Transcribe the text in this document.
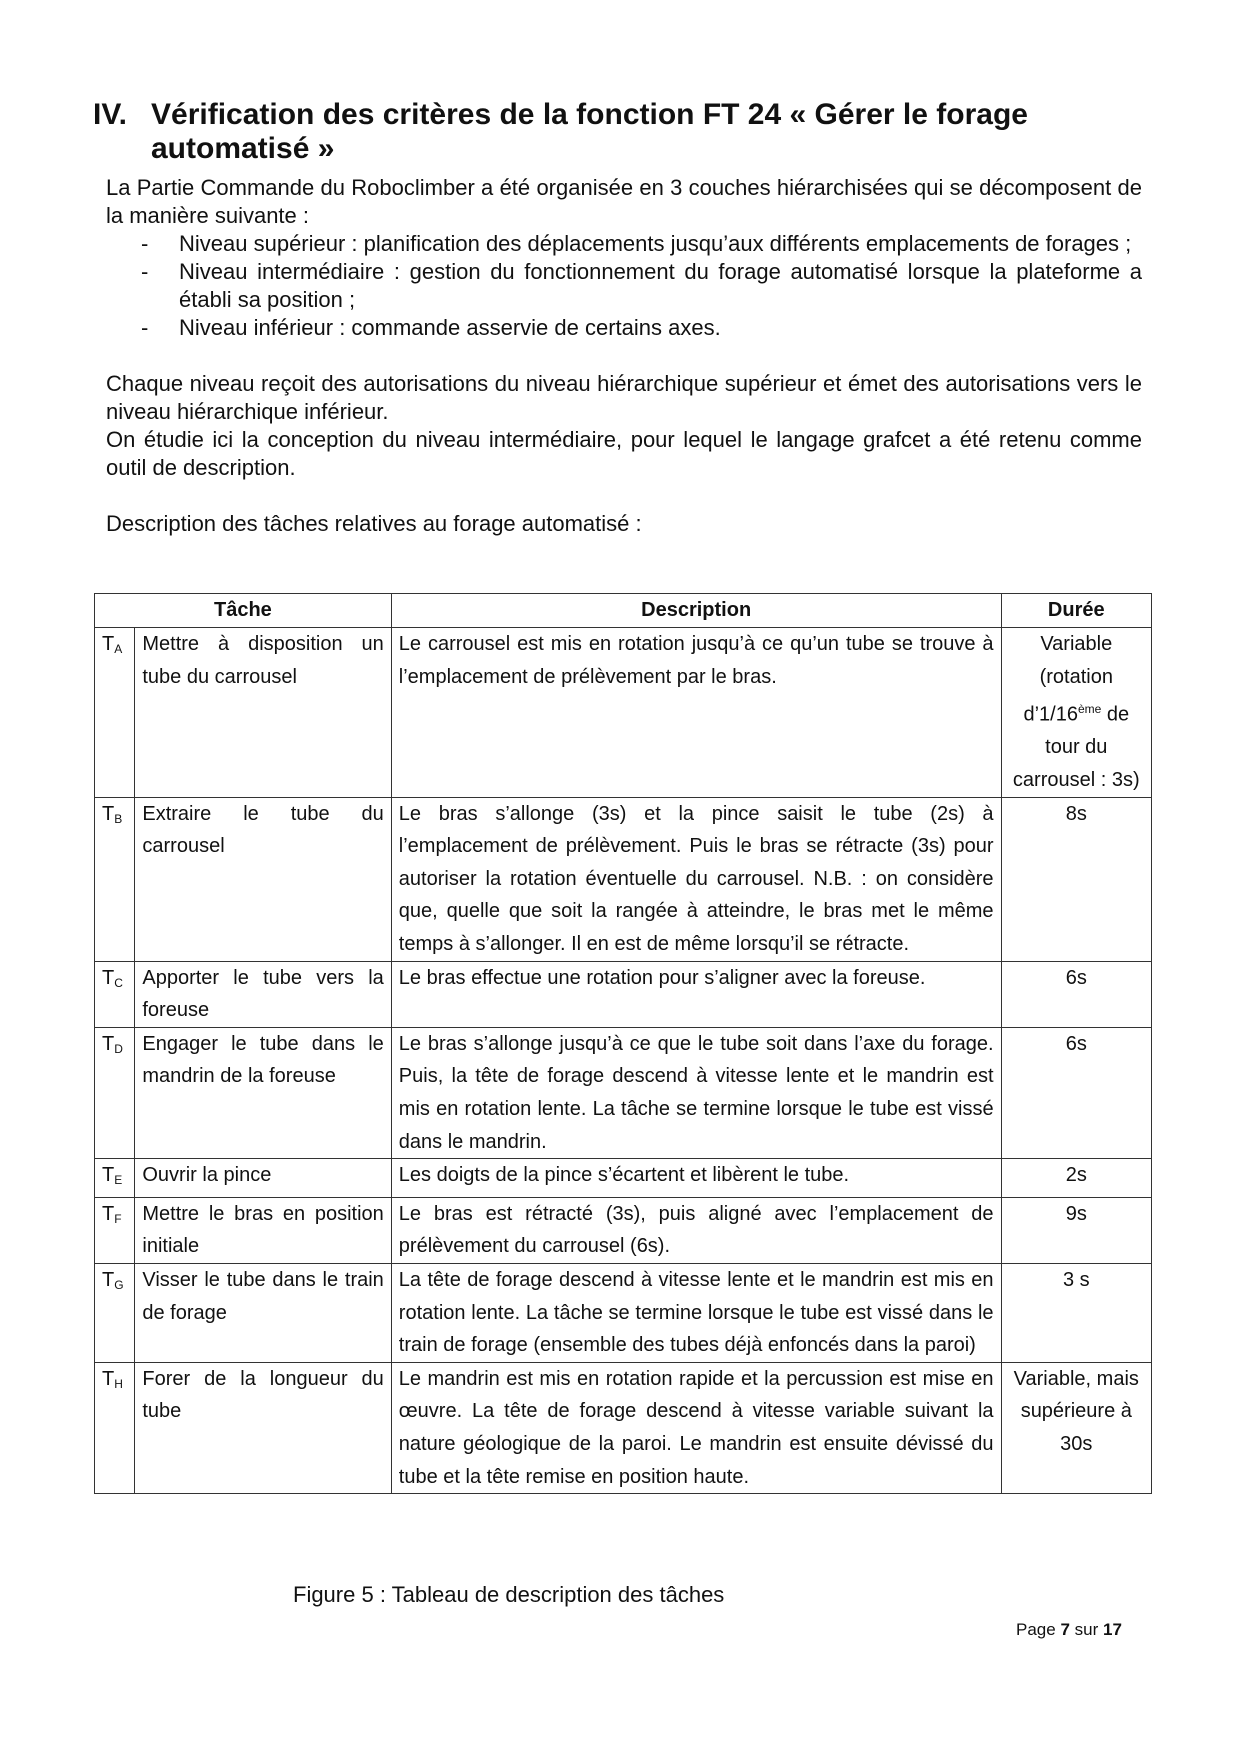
IV. Vérification des critères de la fonction FT 24 « Gérer le forage
automatisé »

La Partie Commande du Roboclimber a été organisée en 3 couches hiérarchisées qui se décomposent de la manière suivante :

- Niveau supérieur : planification des déplacements jusqu’aux différents emplacements de forages ;
- Niveau intermédiaire : gestion du fonctionnement du forage automatisé lorsque la plateforme a établi sa position ;
- Niveau inférieur : commande asservie de certains axes.

Chaque niveau reçoit des autorisations du niveau hiérarchique supérieur et émet des autorisations vers le niveau hiérarchique inférieur.

On étudie ici la conception du niveau intermédiaire, pour lequel le langage grafcet a été retenu comme outil de description.

Description des tâches relatives au forage automatisé :

Tâche		Description	Durée
$T_A$	Mettre à disposition un tube du carrousel	Le carrousel est mis en rotation jusqu’à ce qu’un tube se trouve à l’emplacement de prélèvement par le bras.	Variable (rotation d’1/16ème de tour du carrousel : 3s)
$T_B$	Extraire le tube du carrousel	Le bras s’allonge (3s) et la pince saisit le tube (2s) à l’emplacement de prélèvement. Puis le bras se rétracte (3s) pour autoriser la rotation éventuelle du carrousel. N.B. : on considère que, quelle que soit la rangée à atteindre, le bras met le même temps à s’allonger. Il en est de même lorsqu’il se rétracte.	8s
$T_C$	Apporter le tube vers la foreuse	Le bras effectue une rotation pour s’aligner avec la foreuse.	6s
$T_D$	Engager le tube dans le mandrin de la foreuse	Le bras s’allonge jusqu’à ce que le tube soit dans l’axe du forage. Puis, la tête de forage descend à vitesse lente et le mandrin est mis en rotation lente. La tâche se termine lorsque le tube est vissé dans le mandrin.	6s
$T_E$	Ouvrir la pince	Les doigts de la pince s’écartent et libèrent le tube.	2s
$T_F$	Mettre le bras en position initiale	Le bras est rétracté (3s), puis aligné avec l’emplacement de prélèvement du carrousel (6s).	9s
$T_G$	Visser le tube dans le train de forage	La tête de forage descend à vitesse lente et le mandrin est mis en rotation lente. La tâche se termine lorsque le tube est vissé dans le train de forage (ensemble des tubes déjà enfoncés dans la paroi)	3 s
$T_H$	Forer de la longueur du tube	Le mandrin est mis en rotation rapide et la percussion est mise en œuvre. La tête de forage descend à vitesse variable suivant la nature géologique de la paroi. Le mandrin est ensuite dévissé du tube et la tête remise en position haute.	Variable, mais supérieure à 30s
Figure 5 : Tableau de description des tâches
Page 7 sur 17
